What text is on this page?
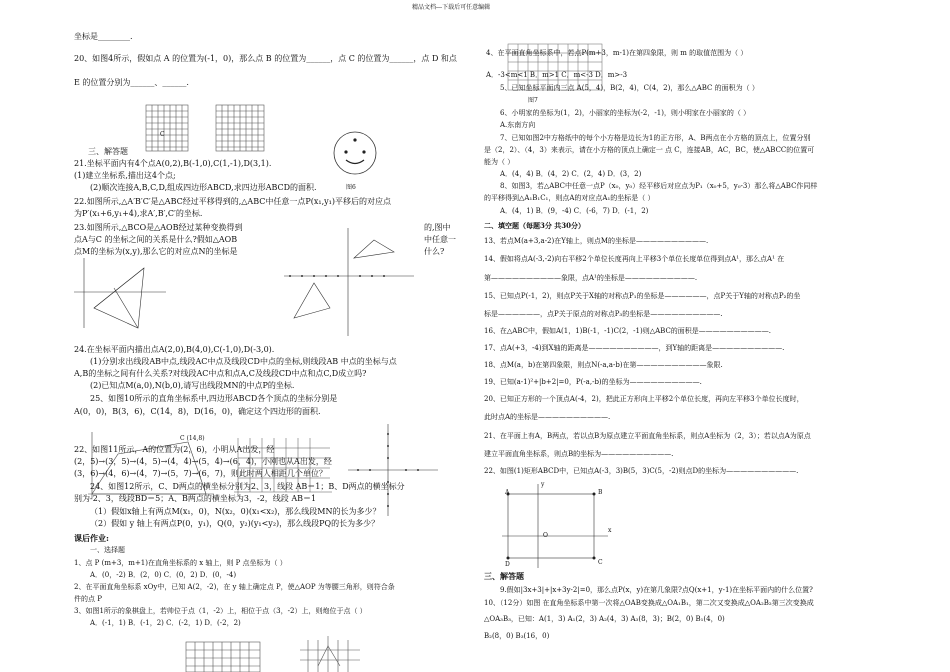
精品文档---下载后可任意编辑
坐标是________.
20、如图4所示，假如点 A 的位置为(-1，0)，那么点 B 的位置为______，点 C 的位置为______，点 D 和点
E 的位置分别为______、______.
C
图6
三、解答题
21.坐标平面内有4个点A(0,2),B(-1,0),C(1,-1),D(3,1).
(1)建立坐标系,描出这4个点;
(2)顺次连接A,B,C,D,组成四边形ABCD,求四边形ABCD的面积.
22.如图所示,△A′B′C′是△ABC经过平移得到的,△ABC中任意一点P(x₁,y₁)平移后的对应点
为P′(x₁+6,y₁+4),求A′,B′,C′的坐标.
23.如图所示,△BCO是△AOB经过某种变换得到	的,图中
点A与C 的坐标之间的关系是什么?假如△AOB	中任意一
点M的坐标为(x,y),那么它的对应点N的坐标是	什么?
24.在坐标平面内描出点A(2,0),B(4,0),C(-1,0),D(-3,0).
(1)分别求出线段AB中点,线段AC中点及线段CD中点的坐标,则线段AB 中点的坐标与点
A,B的坐标之间有什么关系?对线段AC中点和点A,C及线段CD中点和点C,D成立吗?
(2)已知点M(a,0),N(b,0),请写出线段MN的中点P的坐标.
25、如图10所示的直角坐标系中,四边形ABCD各个顶点的坐标分别是
A(0，0)，B(3，6)，C(14，8)，D(16，0)，确定这个四边形的面积.
C (14,8)
22、如图11所示，A的位置为(2，6)，小明从A出发，经
(2，5)→(3，5)→(4，5)→(4，4)→(5，4)→(6，4)，小刚也从A出发，经
(3，6)→(4，6)→(4，7)→(5，7)→(6，7)，则此时两人相距几个单位？
24、如图12所示，C、D两点的横坐标分别为2、3，线段 AB＝1；B、D两点的横坐标分
别为-2、3，线段BD＝5；A、B两点的横坐标为3，-2，线段 AB＝1
（1）假如x轴上有两点M(x₁，0)，N(x₂，0)(x₁<x₂)，那么线段MN的长为多少？
（2）假如 y 轴上有两点P(0，y₁)，Q(0，y₂)(y₁<y₂)，那么线段PQ的长为多少？
课后作业:
一、选择题
1、点 P (m+3，m+1)在直角坐标系的 x 轴上，则 P 点坐标为（ ）
A．(0，-2) B．(2，0) C．(0，2) D．(0，-4)
2、在平面直角坐标系 xOy中，已知 A(2，-2)，在 y 轴上确定点 P，使△AOP 为等腰三角形，则符合条
件的点 P
3、如图1所示的象棋盘上，若帅位于点（1，-2）上，相位于点（3，-2）上，则炮位于点（ ）
A．(-1，1) B．(-1，2) C．(-2，1) D．(-2，2)
4、在平面直角坐标系中，若点P(m+3，m-1)在第四象限，则 m 的取值范围为（ ）
A．-3<m<1 B．m>1 C．m<-3 D．m>-3
5、已知坐标平面内三点 A(5，4)，B(2，4)，C(4，2)，那么△ABC 的面积为（ ）
图7
6、小明家的坐标为(1，2)，小丽家的坐标为(-2，-1)，则小明家在小丽家的（ ）
A.东南方向
7、已知如图2中方格纸中的每个小方格是边长为1的正方形，A、B两点在小方格的顶点上，位置分别
是（2，2）、（4，3）来表示，请在小方格的顶点上确定一 点 C，连接AB，AC，BC，使△ABCC的位置可
能为（ ）
A．(4，4) B．(4，2) C．(2，4) D．(3，2)
8、如图3，若△ABC中任意一点P（x₀，y₀）经平移后对应点为P₁（x₀+5，y₀-3）那么将△ABC作同样
的平移得到△A₁B₁C₁，则点A的对应点A₁的坐标是（ ）
A．(4，1) B．(9，-4) C．(-6，7) D．(-1，2)
二、填空题（每题3分 共30分）
13、若点M(a+3,a-2)在Y轴上，则点M的坐标是——————————.
14、假如将点A(-3,-2)向右平移2个单位长度再向上平移3个单位长度单位得到点A¹，那么点A¹ 在
第——————————象限，点A¹的坐标是——————————.
15、已知点P(-1，2)，则点P关于X轴的对称点P₁的坐标是——————，点P关于Y轴的对称点P₂的坐
标是——————，点P关于原点的对称点P₃的坐标是——————————.
16、在△ABC中，假如A(1，1)B(-1，-1)C(2，-1)则△ABC的面积是——————————.
17、点A(+3，-4)到X轴的距离是——————————，到Y轴的距离是——————————.
18、点M(a，b)在第四象限，则点N(-a,a-b)在第——————————象限.
19、已知(a-1)²+|b+2|=0，P(-a,-b)的坐标为——————————.
20、已知正方形的一个顶点A(-4，2)，把此正方形向上平移2个单位长度，再向左平移3个单位长度时，
此时点A的坐标是——————————.
21、在平面上有A，B两点，若以点B为原点建立平面直角坐标系，则点A坐标为（2，3）；若以点A为原点
建立平面直角坐标系，则点B的坐标为——————————.
22、如图(1)矩形ABCD中，已知点A(-3，3)B(5，3)C(5，-2)则点D的坐标为——————————.
A	B
C
D
O
y
x
三、解答题
9.假如|3x+3|+|x+3y-2|=0，那么点P(x，y)在第几象限?点Q(x+1，y-1)在坐标平面内的什么位置?
10、（12分）如图 在直角坐标系中第一次将△OAB变换成△OA₁B₁，第二次又变换成△OA₂B₂第三次变换成
△OA₃B₃，已知：A(1，3) A₁(2，3) A₂(4，3) A₃(8，3)；B(2，0) B₁(4，0)
B₂(8，0) B₃(16，0)
